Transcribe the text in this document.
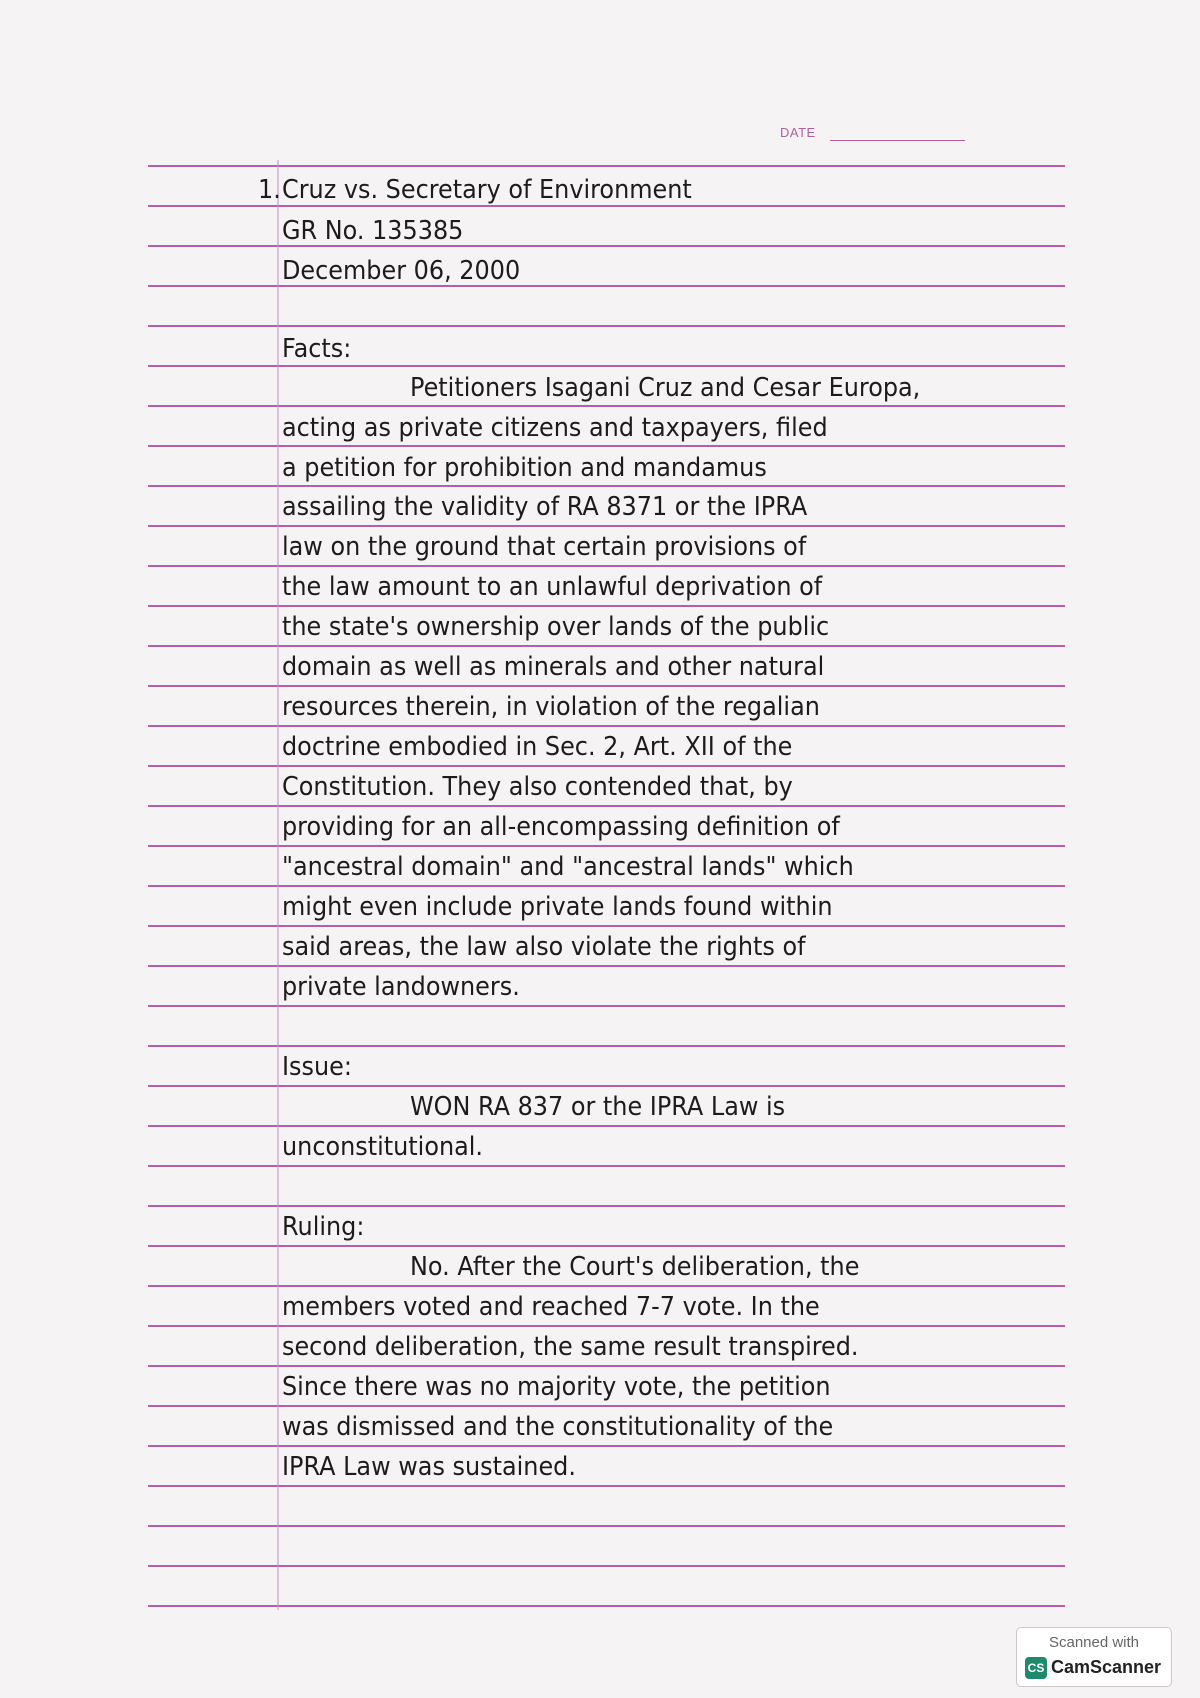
DATE
1. Cruz vs. Secretary of Environment
GR No. 135385
December 06, 2000
Facts:
Petitioners Isagani Cruz and Cesar Europa,
acting as private citizens and taxpayers, filed
a petition for prohibition and mandamus
assailing the validity of RA 8371 or the IPRA
law on the ground that certain provisions of
the law amount to an unlawful deprivation of
the state's ownership over lands of the public
domain as well as minerals and other natural
resources therein, in violation of the regalian
doctrine embodied in Sec. 2, Art. XII of the
Constitution. They also contended that, by
providing for an all-encompassing definition of
"ancestral domain" and "ancestral lands" which
might even include private lands found within
said areas, the law also violate the rights of
private landowners.
Issue:
WON RA 837 or the IPRA Law is
unconstitutional.
Ruling:
No. After the Court's deliberation, the
members voted and reached 7-7 vote. In the
second deliberation, the same result transpired.
Since there was no majority vote, the petition
was dismissed and the constitutionality of the
IPRA Law was sustained.
Scanned with
CS CamScanner
